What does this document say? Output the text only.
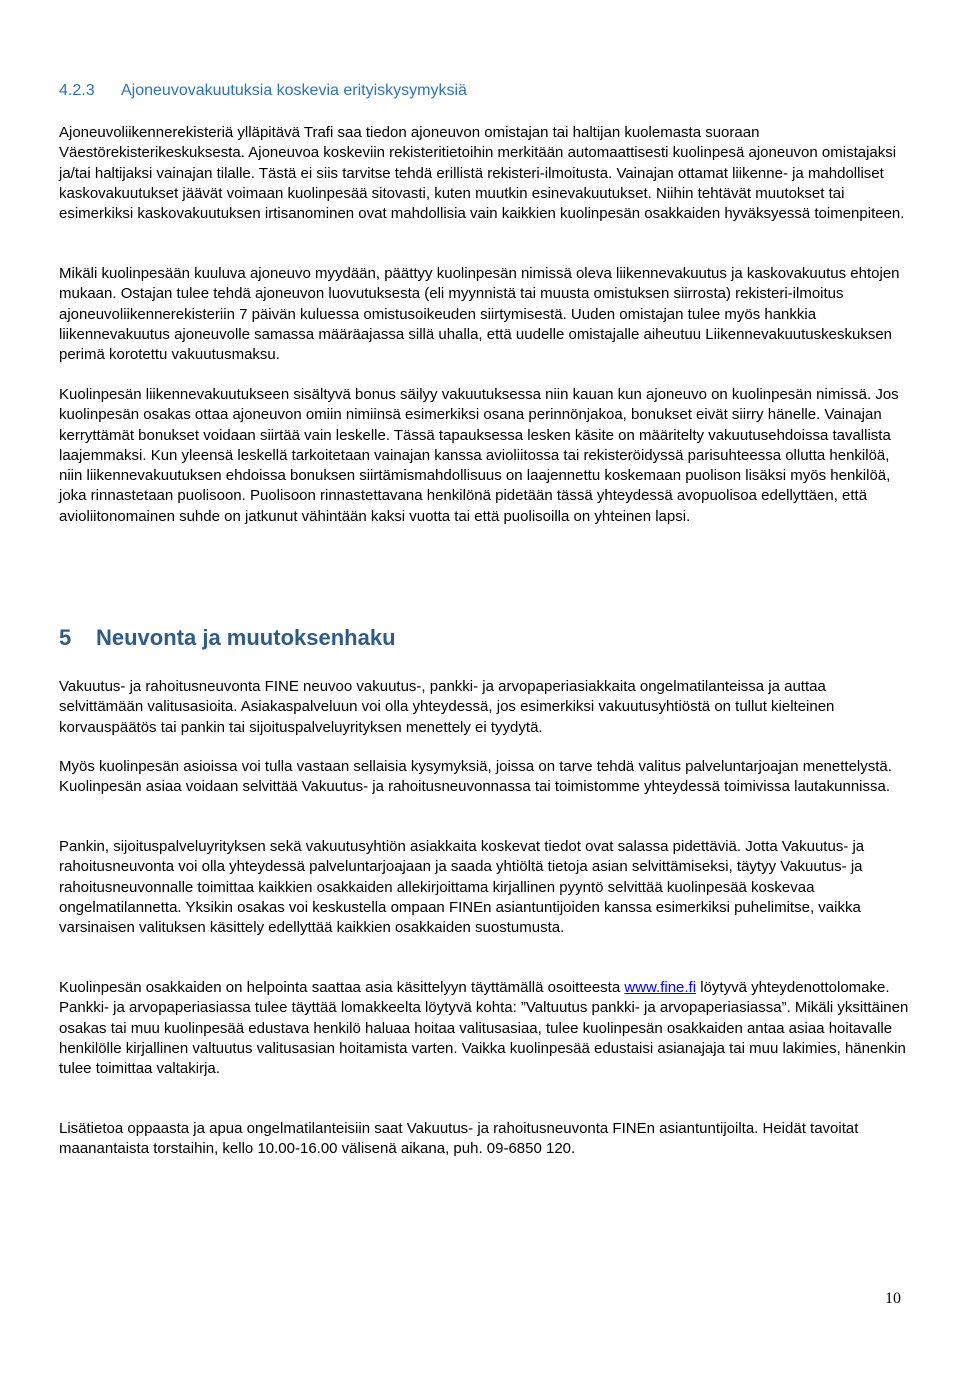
4.2.3 Ajoneuvovakuutuksia koskevia erityiskysymyksiä

Ajoneuvoliikennerekisteriä ylläpitävä Trafi saa tiedon ajoneuvon omistajan tai haltijan kuolemasta suoraan Väestörekisterikeskuksesta. Ajoneuvoa koskeviin rekisteritietoihin merkitään automaattisesti kuolinpesä ajoneuvon omistajaksi ja/tai haltijaksi vainajan tilalle. Tästä ei siis tarvitse tehdä erillistä rekisteri-ilmoitusta. Vainajan ottamat liikenne- ja mahdolliset kaskovakuutukset jäävät voimaan kuolinpesää sitovasti, kuten muutkin esinevakuutukset. Niihin tehtävät muutokset tai esimerkiksi kaskovakuutuksen irtisanominen ovat mahdollisia vain kaikkien kuolinpesän osakkaiden hyväksyessä toimenpiteen.

Mikäli kuolinpesään kuuluva ajoneuvo myydään, päättyy kuolinpesän nimissä oleva liikennevakuutus ja kaskovakuutus ehtojen mukaan. Ostajan tulee tehdä ajoneuvon luovutuksesta (eli myynnistä tai muusta omistuksen siirrosta) rekisteri-ilmoitus ajoneuvoliikennerekisteriin 7 päivän kuluessa omistusoikeuden siirtymisestä. Uuden omistajan tulee myös hankkia liikennevakuutus ajoneuvolle samassa määräajassa sillä uhalla, että uudelle omistajalle aiheutuu Liikennevakuutuskeskuksen perimä korotettu vakuutusmaksu.

Kuolinpesän liikennevakuutukseen sisältyvä bonus säilyy vakuutuksessa niin kauan kun ajoneuvo on kuolinpesän nimissä. Jos kuolinpesän osakas ottaa ajoneuvon omiin nimiinsä esimerkiksi osana perinnönjakoa, bonukset eivät siirry hänelle. Vainajan kerryttämät bonukset voidaan siirtää vain leskelle. Tässä tapauksessa lesken käsite on määritelty vakuutusehdoissa tavallista laajemmaksi. Kun yleensä leskellä tarkoitetaan vainajan kanssa avioliitossa tai rekisteröidyssä parisuhteessa ollutta henkilöä, niin liikennevakuutuksen ehdoissa bonuksen siirtämismahdollisuus on laajennettu koskemaan puolison lisäksi myös henkilöä, joka rinnastetaan puolisoon. Puolisoon rinnastettavana henkilönä pidetään tässä yhteydessä avopuolisoa edellyttäen, että avioliitonomainen suhde on jatkunut vähintään kaksi vuotta tai että puolisoilla on yhteinen lapsi.

5 Neuvonta ja muutoksenhaku

Vakuutus- ja rahoitusneuvonta FINE neuvoo vakuutus-, pankki- ja arvopaperiasiakkaita ongelmatilanteissa ja auttaa selvittämään valitusasioita. Asiakaspalveluun voi olla yhteydessä, jos esimerkiksi vakuutusyhtiöstä on tullut kielteinen korvauspäätös tai pankin tai sijoituspalveluyrityksen menettely ei tyydytä.

Myös kuolinpesän asioissa voi tulla vastaan sellaisia kysymyksiä, joissa on tarve tehdä valitus palveluntarjoajan menettelystä. Kuolinpesän asiaa voidaan selvittää Vakuutus- ja rahoitusneuvonnassa tai toimistomme yhteydessä toimivissa lautakunnissa.

Pankin, sijoituspalveluyrityksen sekä vakuutusyhtiön asiakkaita koskevat tiedot ovat salassa pidettäviä. Jotta Vakuutus- ja rahoitusneuvonta voi olla yhteydessä palveluntarjoajaan ja saada yhtiöltä tietoja asian selvittämiseksi, täytyy Vakuutus- ja rahoitusneuvonnalle toimittaa kaikkien osakkaiden allekirjoittama kirjallinen pyyntö selvittää kuolinpesää koskevaa ongelmatilannetta. Yksikin osakas voi keskustella ompaan FINEn asiantuntijoiden kanssa esimerkiksi puhelimitse, vaikka varsinaisen valituksen käsittely edellyttää kaikkien osakkaiden suostumusta.

Kuolinpesän osakkaiden on helpointa saattaa asia käsittelyyn täyttämällä osoitteesta www.fine.fi löytyvä yhteydenottolomake. Pankki- ja arvopaperiasiassa tulee täyttää lomakkeelta löytyvä kohta: ”Valtuutus pankki- ja arvopaperiasiassa”. Mikäli yksittäinen osakas tai muu kuolinpesää edustava henkilö haluaa hoitaa valitusasiaa, tulee kuolinpesän osakkaiden antaa asiaa hoitavalle henkilölle kirjallinen valtuutus valitusasian hoitamista varten. Vaikka kuolinpesää edustaisi asianajaja tai muu lakimies, hänenkin tulee toimittaa valtakirja.

Lisätietoa oppaasta ja apua ongelmatilanteisiin saat Vakuutus- ja rahoitusneuvonta FINEn asiantuntijoilta. Heidät tavoitat maanantaista torstaihin, kello 10.00-16.00 välisenä aikana, puh. 09-6850 120.

10
